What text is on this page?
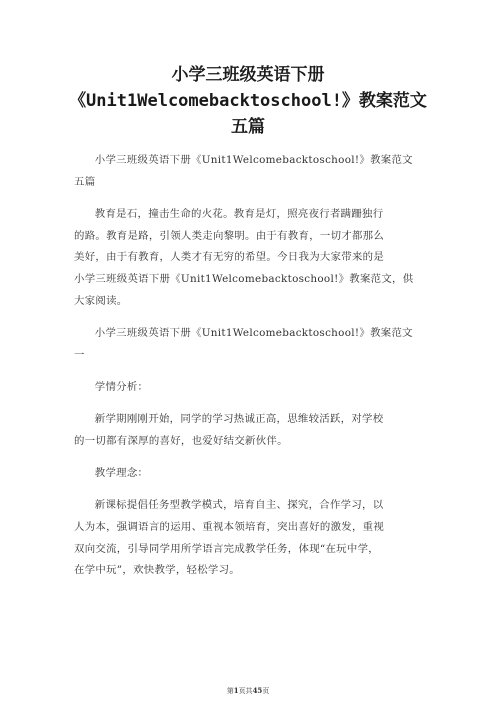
小学三班级英语下册
《Unit1Welcomebacktoschool!》教案范文
五篇

小学三班级英语下册《Unit1Welcomebacktoschool!》教案范文
五篇

教育是石，撞击生命的火花。教育是灯，照亮夜行者蹒跚独行
的路。教育是路，引领人类走向黎明。由于有教育，一切才都那么
美好，由于有教育，人类才有无穷的希望。今日我为大家带来的是
小学三班级英语下册《Unit1Welcomebacktoschool!》教案范文，供
大家阅读。

小学三班级英语下册《Unit1Welcomebacktoschool!》教案范文
一

学情分析：

新学期刚刚开始，同学的学习热诚正高，思维较活跃，对学校
的一切都有深厚的喜好，也爱好结交新伙伴。

教学理念：

新课标提倡任务型教学模式，培育自主、探究，合作学习，以
人为本，强调语言的运用、重视本领培育，突出喜好的激发，重视
双向交流，引导同学用所学语言完成教学任务，体现“在玩中学，
在学中玩”，欢快教学，轻松学习。

第1页共45页
